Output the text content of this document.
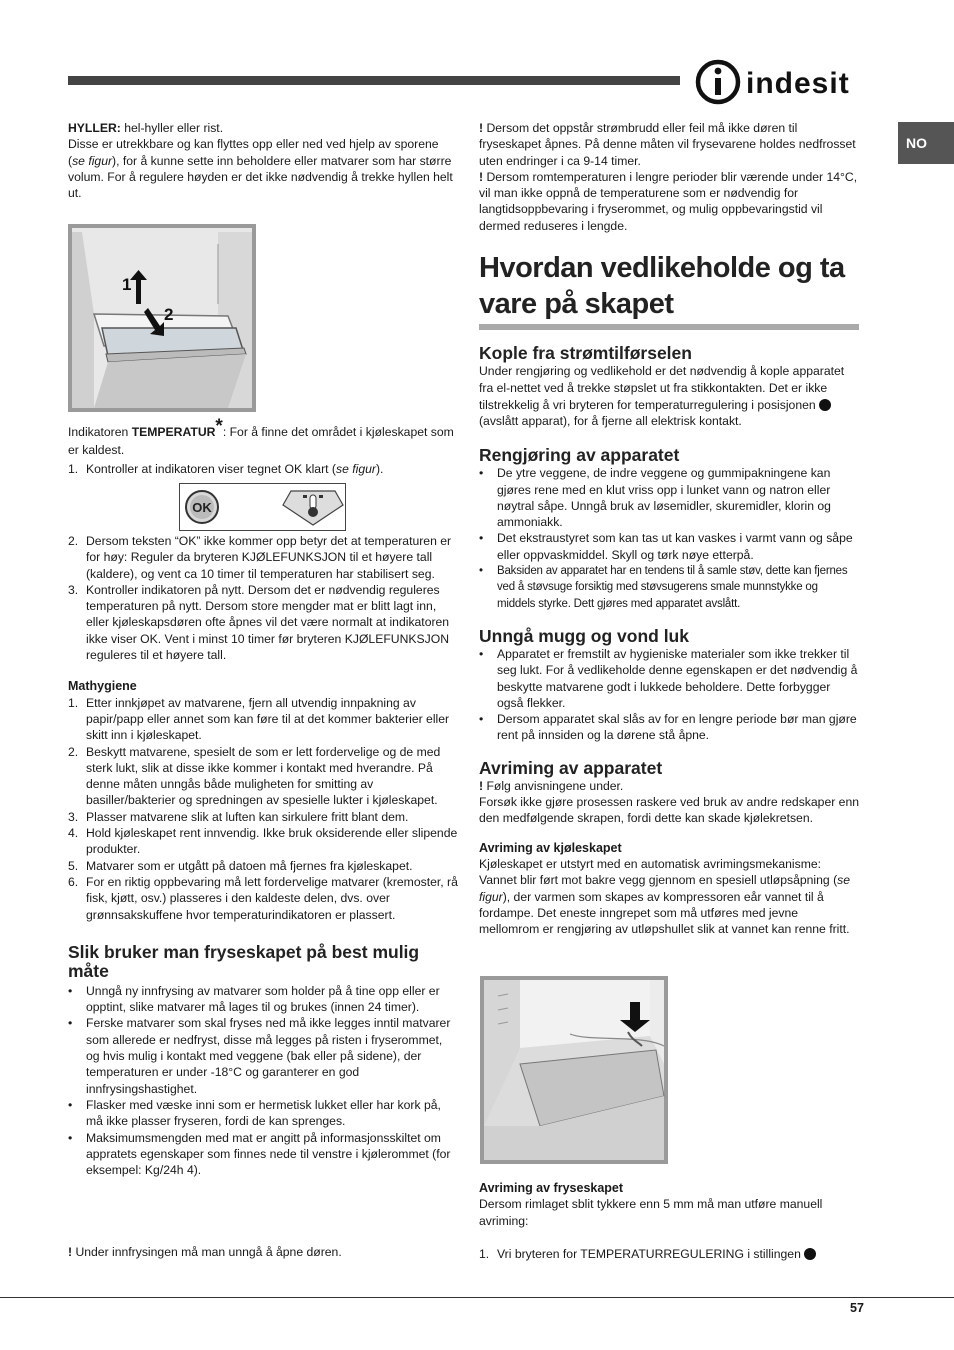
indesit
NO

HYLLER: hel-hyller eller rist.

Disse er utrekkbare og kan flyttes opp eller ned ved hjelp av sporene (se figur), for å kunne sette inn beholdere eller matvarer som har større volum. For å regulere høyden er det ikke nødvendig å trekke hyllen helt ut.

1
2

Indikatoren TEMPERATUR*: For å finne det området i kjøleskapet som er kaldest.

1. Kontroller at indikatoren viser tegnet OK klart (se figur).
OK
2. Dersom teksten “OK” ikke kommer opp betyr det at temperaturen er for høy: Reguler da bryteren KJØLEFUNKSJON til et høyere tall (kaldere), og vent ca 10 timer til temperaturen har stabilisert seg.
3. Kontroller indikatoren på nytt. Dersom det er nødvendig reguleres temperaturen på nytt. Dersom store mengder mat er blitt lagt inn, eller kjøleskapsdøren ofte åpnes vil det være normalt at indikatoren ikke viser OK. Vent i minst 10 timer før bryteren KJØLEFUNKSJON reguleres til et høyere tall.

Mathygiene

1. Etter innkjøpet av matvarene, fjern all utvendig innpakning av papir/papp eller annet som kan føre til at det kommer bakterier eller skitt inn i kjøleskapet.
2. Beskytt matvarene, spesielt de som er lett fordervelige og de med sterk lukt, slik at disse ikke kommer i kontakt med hverandre. På denne måten unngås både muligheten for smitting av basiller/bakterier og spredningen av spesielle lukter i kjøleskapet.
3. Plasser matvarene slik at luften kan sirkulere fritt blant dem.
4. Hold kjøleskapet rent innvendig. Ikke bruk oksiderende eller slipende produkter.
5. Matvarer som er utgått på datoen må fjernes fra kjøleskapet.
6. For en riktig oppbevaring må lett fordervelige matvarer (kremoster, rå fisk, kjøtt, osv.) plasseres i den kaldeste delen, dvs. over grønnsakskuffene hvor temperaturindikatoren er plassert.

Slik bruker man fryseskapet på best mulig måte

• Unngå ny innfrysing av matvarer som holder på å tine opp eller er opptint, slike matvarer må lages til og brukes (innen 24 timer).
• Ferske matvarer som skal fryses ned må ikke legges inntil matvarer som allerede er nedfryst, disse må legges på risten i fryserommet, og hvis mulig i kontakt med veggene (bak eller på sidene), der temperaturen er under -18°C og garanterer en god innfrysingshastighet.
• Flasker med væske inni som er hermetisk lukket eller har kork på, må ikke plasser fryseren, fordi de kan sprenges.
• Maksimumsmengden med mat er angitt på informasjonsskiltet om appratets egenskaper som finnes nede til venstre i kjølerommet (for eksempel: Kg/24h 4).
! Under innfrysingen må man unngå å åpne døren.

! Dersom det oppstår strømbrudd eller feil må ikke døren til fryseskapet åpnes. På denne måten vil frysevarene holdes nedfrosset uten endringer i ca 9-14 timer.

! Dersom romtemperaturen i lengre perioder blir værende under 14°C, vil man ikke oppnå de temperaturene som er nødvendig for langtidsoppbevaring i fryserommet, og mulig oppbevaringstid vil dermed reduseres i lengde.

Hvordan vedlikeholde og ta vare på skapet

Kople fra strømtilførselen

Under rengjøring og vedlikehold er det nødvendig å kople apparatet fra el-nettet ved å trekke støpslet ut fra stikkontakten. Det er ikke tilstrekkelig å vri bryteren for temperaturregulering i posisjonen  (avslått apparat), for å fjerne all elektrisk kontakt.

Rengjøring av apparatet

• De ytre veggene, de indre veggene og gummipakningene kan gjøres rene med en klut vriss opp i lunket vann og natron eller nøytral såpe. Unngå bruk av løsemidler, skuremidler, klorin og ammoniakk.
• Det ekstraustyret som kan tas ut kan vaskes i varmt vann og såpe eller oppvaskmiddel. Skyll og tørk nøye etterpå.
• Baksiden av apparatet har en tendens til å samle støv, dette kan fjernes ved å støvsuge forsiktig med støvsugerens smale munnstykke og middels styrke. Dett gjøres med apparatet avslått.

Unngå mugg og vond luk

• Apparatet er fremstilt av hygieniske materialer som ikke trekker til seg lukt. For å vedlikeholde denne egenskapen er det nødvendig å beskytte matvarene godt i lukkede beholdere. Dette forbygger også flekker.
• Dersom apparatet skal slås av for en lengre periode bør man gjøre rent på innsiden og la dørene stå åpne.

Avriming av apparatet

! Følg anvisningene under.

Forsøk ikke gjøre prosessen raskere ved bruk av andre redskaper enn den medfølgende skrapen, fordi dette kan skade kjølekretsen.

Avriming av kjøleskapet

Kjøleskapet er utstyrt med en automatisk avrimingsmekanisme: Vannet blir ført mot bakre vegg gjennom en spesiell utløpsåpning (se figur), der varmen som skapes av kompressoren eår vannet til å fordampe. Det eneste inngrepet som må utføres med jevne mellomrom er rengjøring av utløpshullet slik at vannet kan renne fritt.

Avriming av fryseskapet

Dersom rimlaget sblit tykkere enn 5 mm må man utføre manuell avriming:

1. Vri bryteren for TEMPERATURREGULERING i stillingen
57
